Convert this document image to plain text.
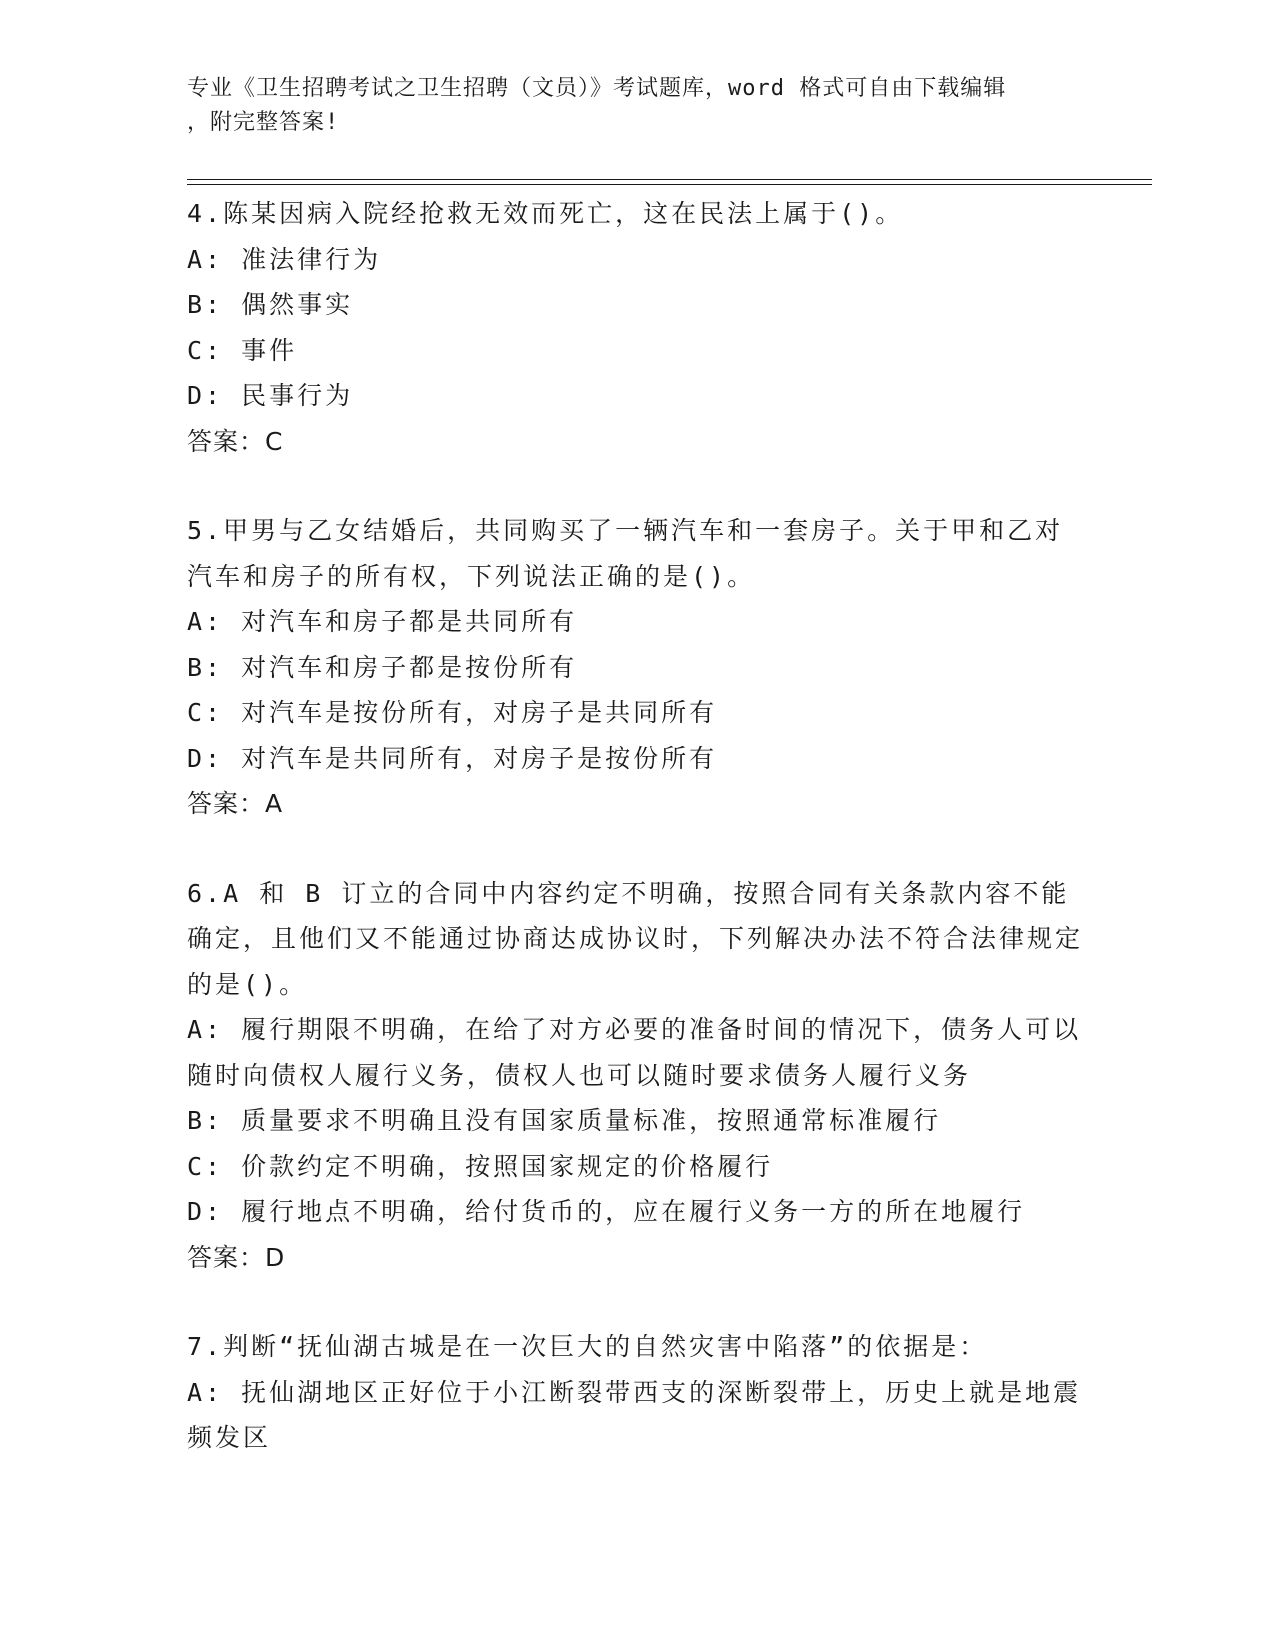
专业《卫生招聘考试之卫生招聘（文员）》考试题库，word 格式可自由下载编辑
，附完整答案!
4.陈某因病入院经抢救无效而死亡，这在民法上属于()。
A: 准法律行为
B: 偶然事实
C: 事件
D: 民事行为
答案：C
5.甲男与乙女结婚后，共同购买了一辆汽车和一套房子。关于甲和乙对汽车和房子的所有权，下列说法正确的是()。
A: 对汽车和房子都是共同所有
B: 对汽车和房子都是按份所有
C: 对汽车是按份所有，对房子是共同所有
D: 对汽车是共同所有，对房子是按份所有
答案：A
6.A 和 B 订立的合同中内容约定不明确，按照合同有关条款内容不能确定，且他们又不能通过协商达成协议时，下列解决办法不符合法律规定的是()。
A: 履行期限不明确，在给了对方必要的准备时间的情况下，债务人可以随时向债权人履行义务，债权人也可以随时要求债务人履行义务
B: 质量要求不明确且没有国家质量标准，按照通常标准履行
C: 价款约定不明确，按照国家规定的价格履行
D: 履行地点不明确，给付货币的，应在履行义务一方的所在地履行
答案：D
7.判断“抚仙湖古城是在一次巨大的自然灾害中陷落”的依据是：
A: 抚仙湖地区正好位于小江断裂带西支的深断裂带上，历史上就是地震频发区
